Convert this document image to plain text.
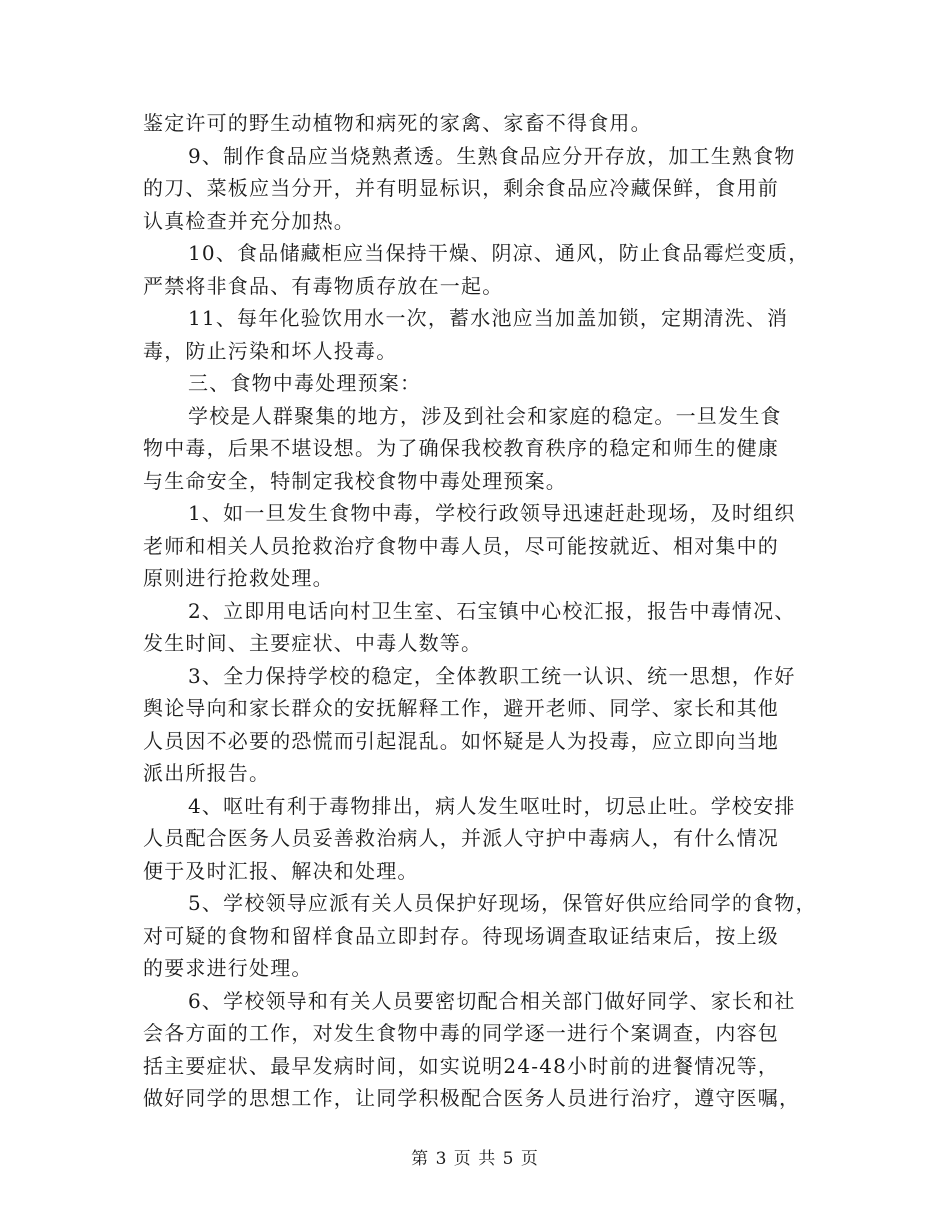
鉴定许可的野生动植物和病死的家禽、家畜不得食用。
9、制作食品应当烧熟煮透。生熟食品应分开存放，加工生熟食物
的刀、菜板应当分开，并有明显标识，剩余食品应冷藏保鲜，食用前
认真检查并充分加热。
10、食品储藏柜应当保持干燥、阴凉、通风，防止食品霉烂变质，
严禁将非食品、有毒物质存放在一起。
11、每年化验饮用水一次，蓄水池应当加盖加锁，定期清洗、消
毒，防止污染和坏人投毒。
三、食物中毒处理预案：
学校是人群聚集的地方，涉及到社会和家庭的稳定。一旦发生食
物中毒，后果不堪设想。为了确保我校教育秩序的稳定和师生的健康
与生命安全，特制定我校食物中毒处理预案。
1、如一旦发生食物中毒，学校行政领导迅速赶赴现场，及时组织
老师和相关人员抢救治疗食物中毒人员，尽可能按就近、相对集中的
原则进行抢救处理。
2、立即用电话向村卫生室、石宝镇中心校汇报，报告中毒情况、
发生时间、主要症状、中毒人数等。
3、全力保持学校的稳定，全体教职工统一认识、统一思想，作好
舆论导向和家长群众的安抚解释工作，避开老师、同学、家长和其他
人员因不必要的恐慌而引起混乱。如怀疑是人为投毒，应立即向当地
派出所报告。
4、呕吐有利于毒物排出，病人发生呕吐时，切忌止吐。学校安排
人员配合医务人员妥善救治病人，并派人守护中毒病人，有什么情况
便于及时汇报、解决和处理。
5、学校领导应派有关人员保护好现场，保管好供应给同学的食物，
对可疑的食物和留样食品立即封存。待现场调查取证结束后，按上级
的要求进行处理。
6、学校领导和有关人员要密切配合相关部门做好同学、家长和社
会各方面的工作，对发生食物中毒的同学逐一进行个案调查，内容包
括主要症状、最早发病时间，如实说明24-48小时前的进餐情况等，
做好同学的思想工作，让同学积极配合医务人员进行治疗，遵守医嘱，
第 3 页 共 5 页
